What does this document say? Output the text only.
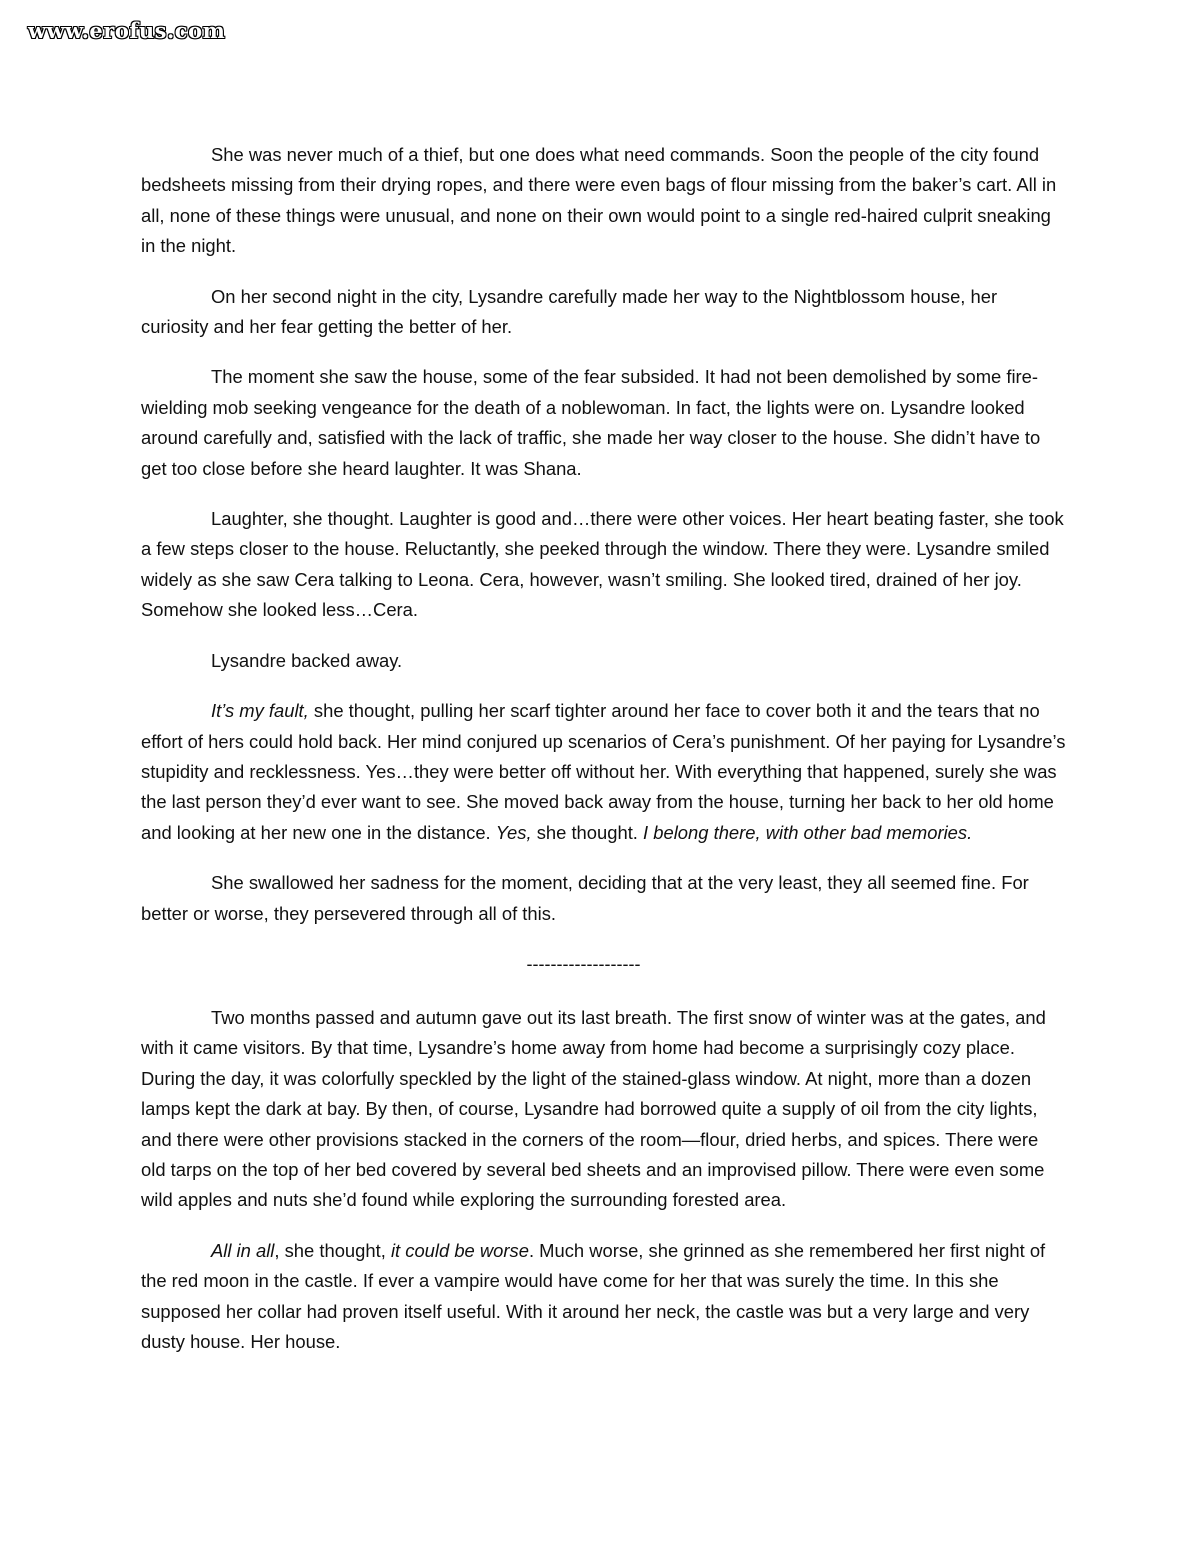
www.erofus.com

She was never much of a thief, but one does what need commands. Soon the people of the city found bedsheets missing from their drying ropes, and there were even bags of flour missing from the baker’s cart. All in all, none of these things were unusual, and none on their own would point to a single red-haired culprit sneaking in the night.

On her second night in the city, Lysandre carefully made her way to the Nightblossom house, her curiosity and her fear getting the better of her.

The moment she saw the house, some of the fear subsided. It had not been demolished by some fire-wielding mob seeking vengeance for the death of a noblewoman. In fact, the lights were on. Lysandre looked around carefully and, satisfied with the lack of traffic, she made her way closer to the house. She didn’t have to get too close before she heard laughter. It was Shana.

Laughter, she thought. Laughter is good and…there were other voices. Her heart beating faster, she took a few steps closer to the house. Reluctantly, she peeked through the window. There they were. Lysandre smiled widely as she saw Cera talking to Leona. Cera, however, wasn’t smiling. She looked tired, drained of her joy. Somehow she looked less…Cera.

Lysandre backed away.

It’s my fault, she thought, pulling her scarf tighter around her face to cover both it and the tears that no effort of hers could hold back. Her mind conjured up scenarios of Cera’s punishment. Of her paying for Lysandre’s stupidity and recklessness. Yes…they were better off without her. With everything that happened, surely she was the last person they’d ever want to see. She moved back away from the house, turning her back to her old home and looking at her new one in the distance. Yes, she thought. I belong there, with other bad memories.

She swallowed her sadness for the moment, deciding that at the very least, they all seemed fine. For better or worse, they persevered through all of this.

-------------------

Two months passed and autumn gave out its last breath. The first snow of winter was at the gates, and with it came visitors. By that time, Lysandre’s home away from home had become a surprisingly cozy place. During the day, it was colorfully speckled by the light of the stained-glass window. At night, more than a dozen lamps kept the dark at bay. By then, of course, Lysandre had borrowed quite a supply of oil from the city lights, and there were other provisions stacked in the corners of the room—flour, dried herbs, and spices. There were old tarps on the top of her bed covered by several bed sheets and an improvised pillow. There were even some wild apples and nuts she’d found while exploring the surrounding forested area.

All in all, she thought, it could be worse. Much worse, she grinned as she remembered her first night of the red moon in the castle. If ever a vampire would have come for her that was surely the time. In this she supposed her collar had proven itself useful. With it around her neck, the castle was but a very large and very dusty house. Her house.
